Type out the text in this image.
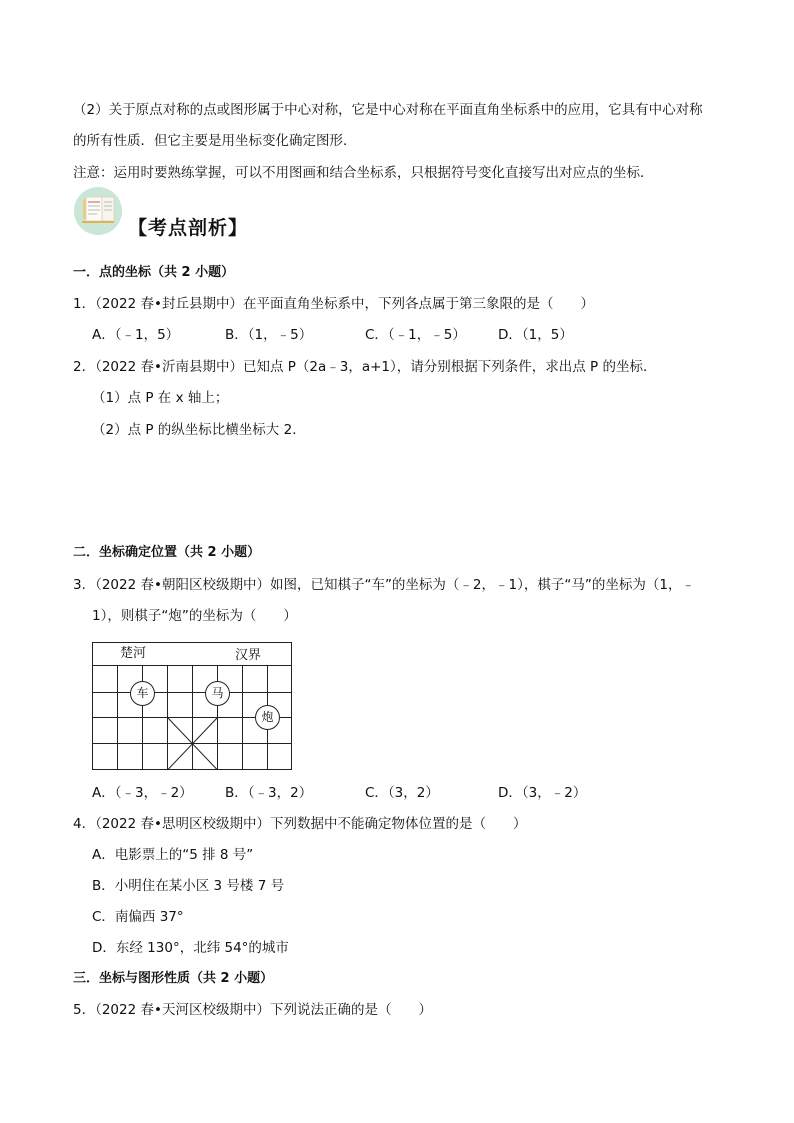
（2）关于原点对称的点或图形属于中心对称，它是中心对称在平面直角坐标系中的应用，它具有中心对称
的所有性质．但它主要是用坐标变化确定图形．
注意：运用时要熟练掌握，可以不用图画和结合坐标系，只根据符号变化直接写出对应点的坐标．
【考点剖析】
一．点的坐标（共 2 小题）
1．（2022 春•封丘县期中）在平面直角坐标系中，下列各点属于第三象限的是（　　）
A．（﹣1，5）	B．（1，﹣5）	C．（﹣1，﹣5） D．（1，5）
2．（2022 春•沂南县期中）已知点 P（2a﹣3，a+1），请分别根据下列条件，求出点 P 的坐标．
（1）点 P 在 x 轴上；
（2）点 P 的纵坐标比横坐标大 2．
二．坐标确定位置（共 2 小题）
3．（2022 春•朝阳区校级期中）如图，已知棋子“车”的坐标为（﹣2，﹣1），棋子“马”的坐标为（1，﹣
1），则棋子“炮”的坐标为（　　）
楚河	汉界
车	马
炮
A．（﹣3，﹣2） B．（﹣3，2）	C．（3，2）	D．（3，﹣2）
4．（2022 春•思明区校级期中）下列数据中不能确定物体位置的是（　　）
A．电影票上的“5 排 8 号”
B．小明住在某小区 3 号楼 7 号
C．南偏西 37°
D．东经 130°，北纬 54°的城市
三．坐标与图形性质（共 2 小题）
5．（2022 春•天河区校级期中）下列说法正确的是（　　）
